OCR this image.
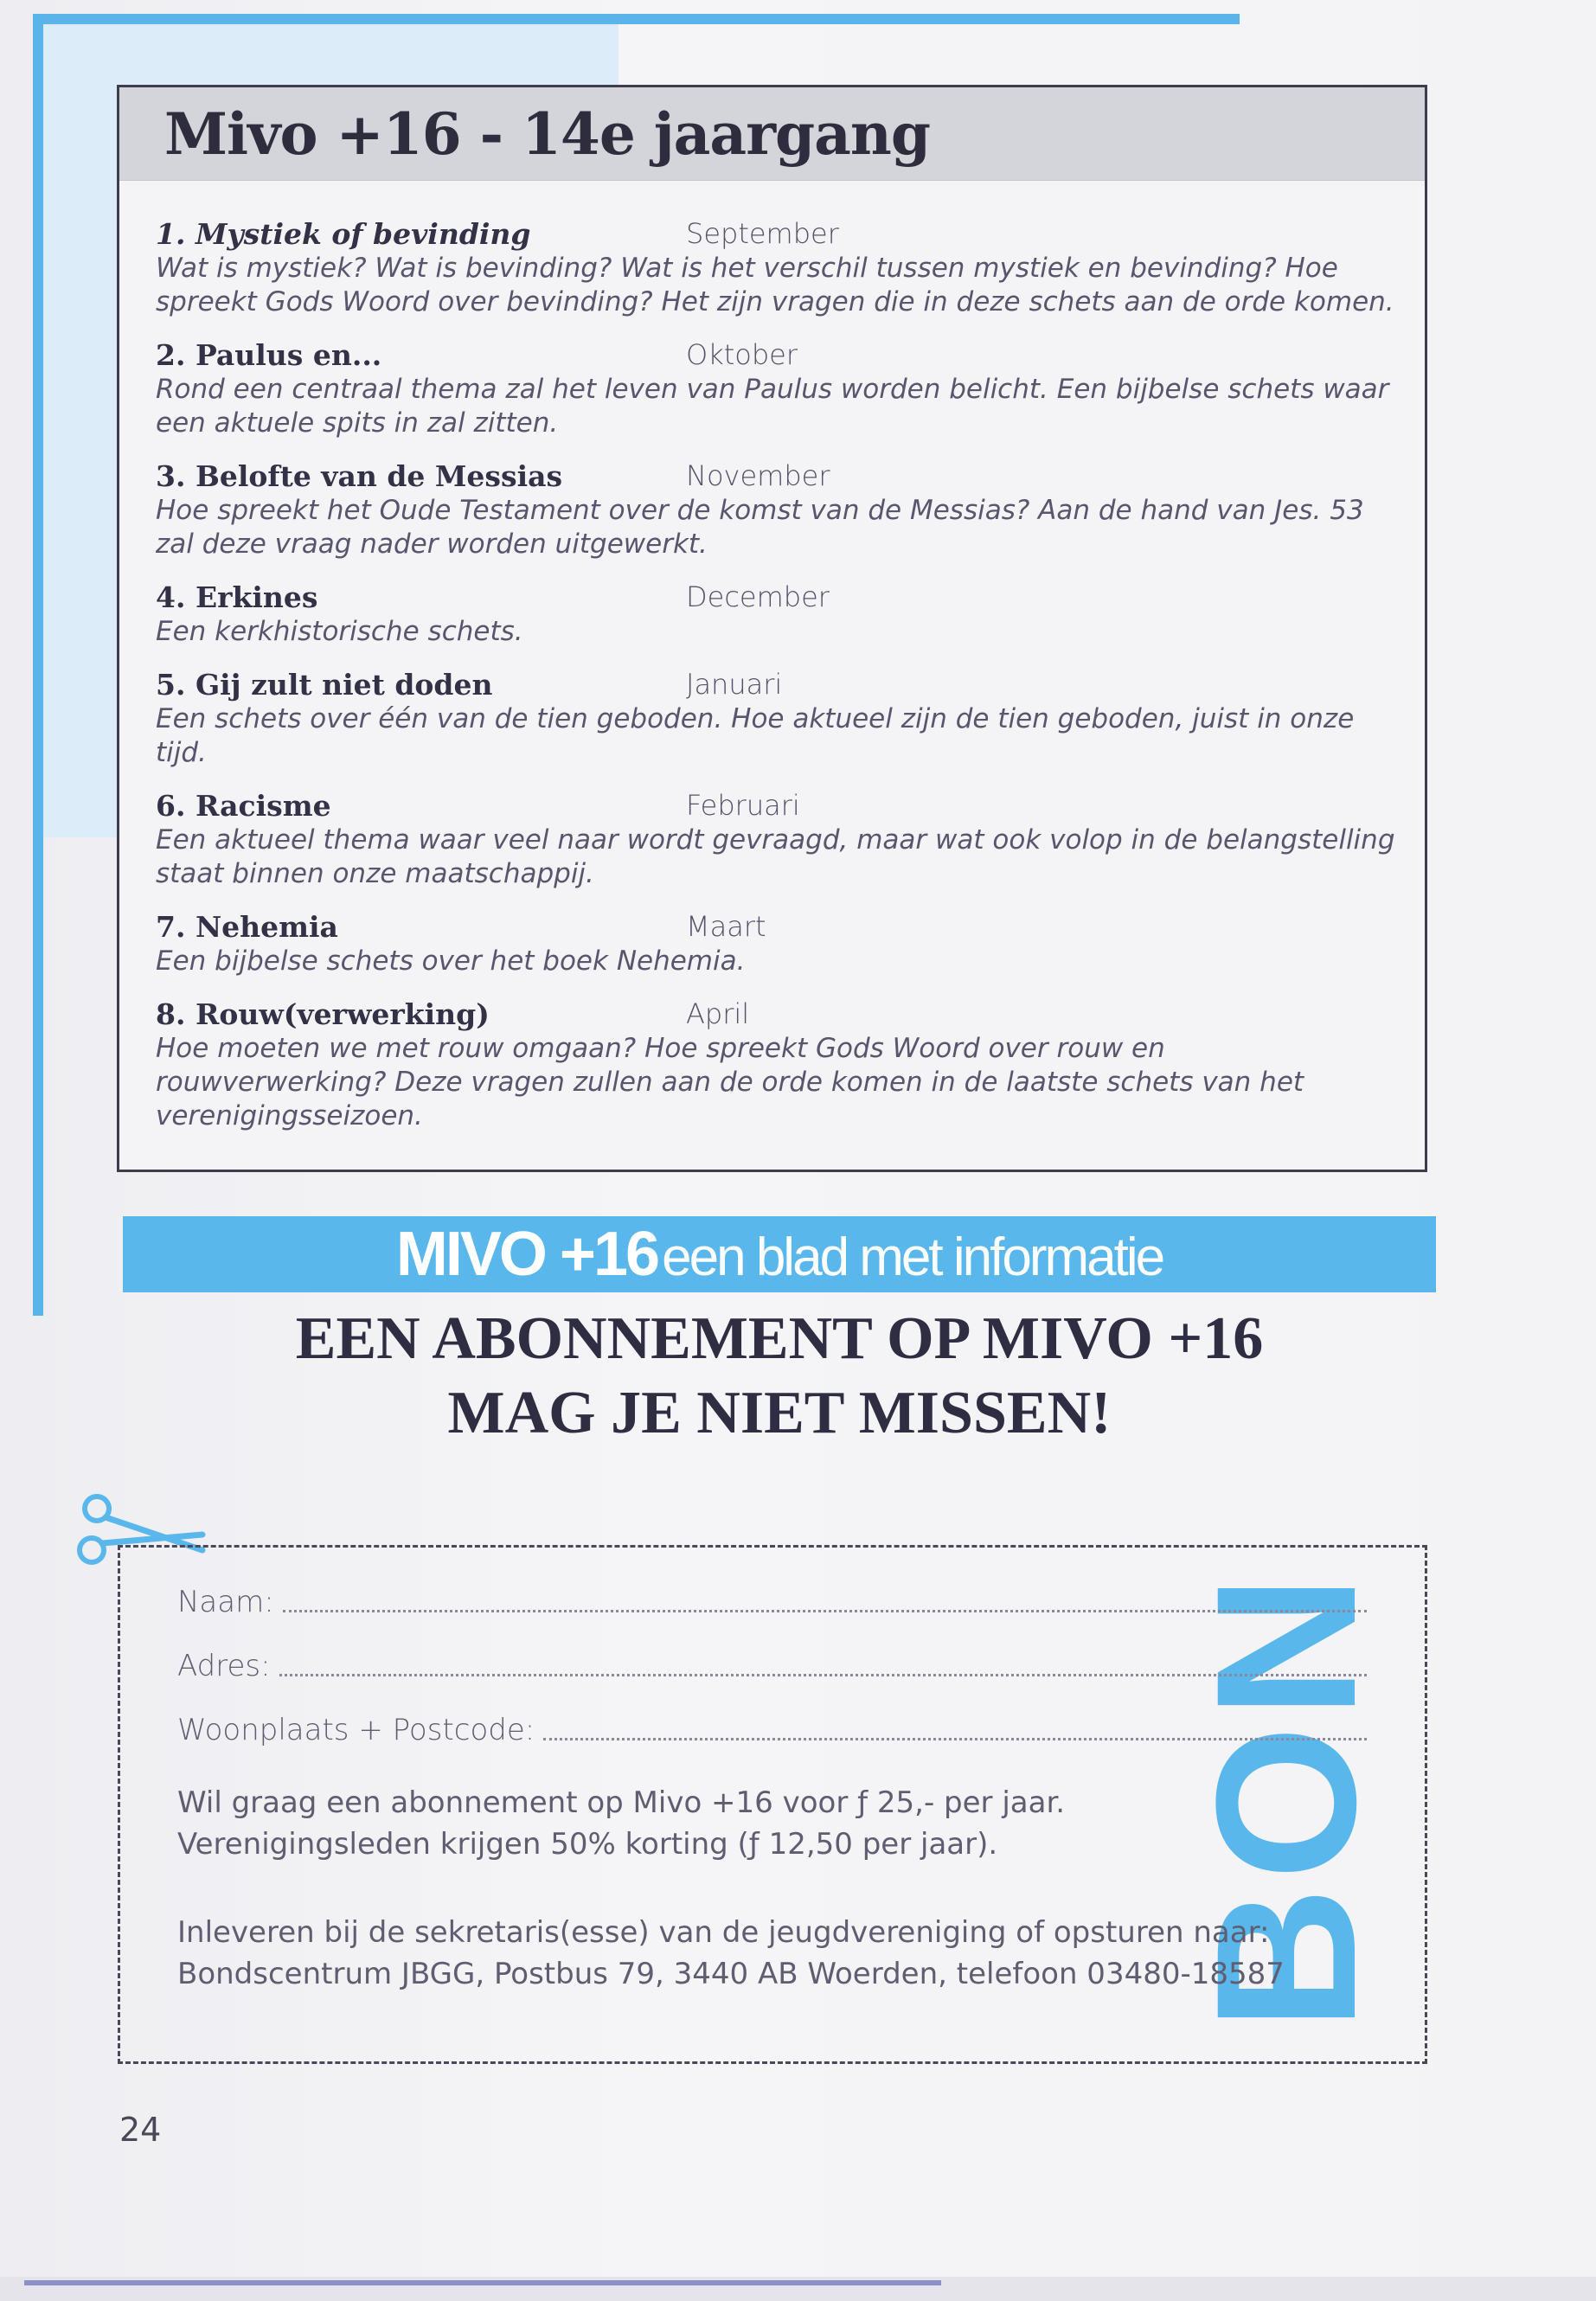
Mivo +16 - 14e jaargang
1. Mystiek of bevinding	September

Wat is mystiek? Wat is bevinding? Wat is het verschil tussen mystiek en bevinding? Hoe spreekt Gods Woord over bevinding? Het zijn vragen die in deze schets aan de orde komen.

2. Paulus en...	Oktober

Rond een centraal thema zal het leven van Paulus worden belicht. Een bijbelse schets waar een aktuele spits in zal zitten.

3. Belofte van de Messias	November

Hoe spreekt het Oude Testament over de komst van de Messias? Aan de hand van Jes. 53 zal deze vraag nader worden uitgewerkt.

4. Erkines	December

Een kerkhistorische schets.

5. Gij zult niet doden	Januari

Een schets over één van de tien geboden. Hoe aktueel zijn de tien geboden, juist in onze tijd.

6. Racisme	Februari

Een aktueel thema waar veel naar wordt gevraagd, maar wat ook volop in de belangstelling staat binnen onze maatschappij.

7. Nehemia	Maart

Een bijbelse schets over het boek Nehemia.

8. Rouw(verwerking)	April

Hoe moeten we met rouw omgaan? Hoe spreekt Gods Woord over rouw en rouwverwerking? Deze vragen zullen aan de orde komen in de laatste schets van het verenigingsseizoen.

MIVO +16 een blad met informatie
EEN ABONNEMENT OP MIVO +16
MAG JE NIET MISSEN!
BON
Naam:
Adres:
Woonplaats + Postcode:

Wil graag een abonnement op Mivo +16 voor ƒ 25,- per jaar.
Verenigingsleden krijgen 50% korting (ƒ 12,50 per jaar).

Inleveren bij de sekretaris(esse) van de jeugdvereniging of opsturen naar:
Bondscentrum JBGG, Postbus 79, 3440 AB Woerden, telefoon 03480-18587

24
